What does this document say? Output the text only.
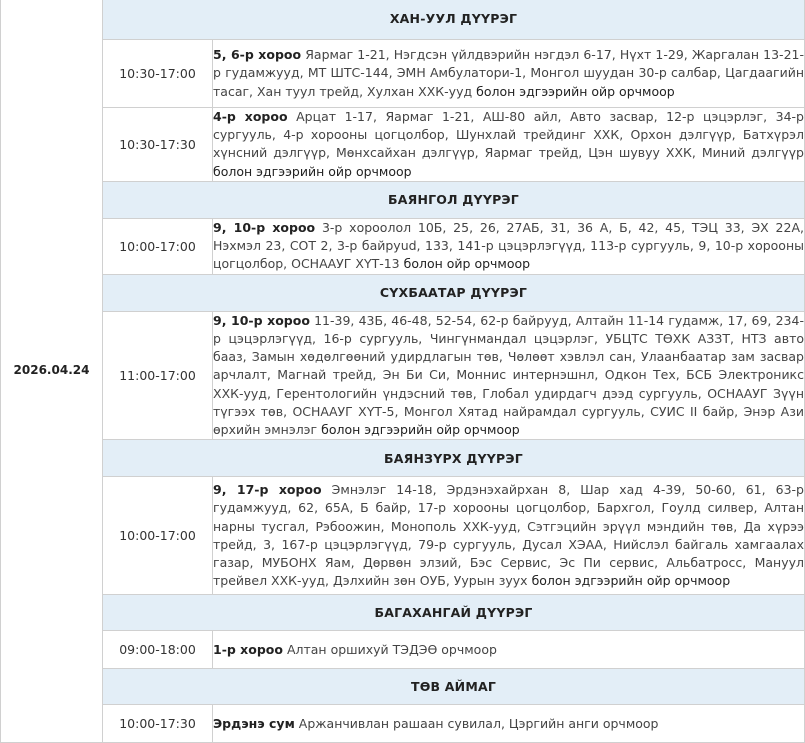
2026.04.24	ХАН-УУЛ ДҮҮРЭГ	
	10:30-17:00	5, 6-р хороо Яармаг 1-21, Нэгдсэн үйлдвэрийн нэгдэл 6-17, Нүхт 1-29, Жаргалан 13-21-р гудамжууд, МТ ШТС-144, ЭМН Амбулатори-1, Монгол шуудан 30-р салбар, Цагдаагийн тасаг, Хан туул трейд, Хулхан ХХК-ууд болон эдгээрийн ойр орчмоор
	10:30-17:30	4-р хороо Арцат 1-17, Яармаг 1-21, АШ-80 айл, Авто засвар, 12-р цэцэрлэг, 34-р сургууль, 4-р хорооны цогцолбор, Шунхлай трейдинг ХХК, Орхон дэлгүүр, Батхүрэл хүнсний дэлгүүр, Мөнхсайхан дэлгүүр, Яармаг трейд, Цэн шувуу ХХК, Миний дэлгүүр болон эдгээрийн ойр орчмоор
	БАЯНГОЛ ДҮҮРЭГ	
	10:00-17:00	9, 10-р хороо 3-р хороолол 10Б, 25, 26, 27АБ, 31, 36 А, Б, 42, 45, ТЭЦ 33, ЭХ 22А, Нэхмэл 23, СОТ 2, 3-р байруud, 133, 141-р цэцэрлэгүүд, 113-р сургууль, 9, 10-р хорооны цогцолбор, ОСНААУГ ХҮТ-13 болон ойр орчмоор
	СҮХБААТАР ДҮҮРЭГ	
	11:00-17:00	9, 10-р хороо 11-39, 43Б, 46-48, 52-54, 62-р байрууд, Алтайн 11-14 гудамж, 17, 69, 234-р цэцэрлэгүүд, 16-р сургууль, Чингүнмандал цэцэрлэг, УБЦТС ТӨХК АЗЗТ, НТЗ авто бааз, Замын хөдөлгөөний удирдлагын төв, Чөлөөт хэвлэл сан, Улаанбаатар зам засвар арчлалт, Магнай трейд, Эн Би Си, Моннис интернэшнл, Одкон Тех, БСБ Электроникс ХХК-ууд, Герентологийн үндэсний төв, Глобал удирдагч дээд сургууль, ОСНААУГ Зүүн түгээх төв, ОСНААУГ ХҮТ-5, Монгол Хятад найрамдал сургууль, СУИС II байр, Энэр Ази өрхийн эмнэлэг болон эдгээрийн ойр орчмоор
	БАЯНЗҮРХ ДҮҮРЭГ	
	10:00-17:00	9, 17-р хороо Эмнэлэг 14-18, Эрдэнэхайрхан 8, Шар хад 4-39, 50-60, 61, 63-р гудамжууд, 62, 65А, Б байр, 17-р хорооны цогцолбор, Бархгол, Гоулд силвер, Алтан нарны тусгал, Рэбоожин, Монополь ХХК-ууд, Сэтгэцийн эрүүл мэндийн төв, Да хүрээ трейд, 3, 167-р цэцэрлэгүүд, 79-р сургууль, Дусал ХЭАА, Нийслэл байгаль хамгаалах газар, МУБОНХ Яам, Дөрвөн элзий, Бэс Сервис, Эс Пи сервис, Альбатросс, Мануул трейвел ХХК-ууд, Дэлхийн зөн ОУБ, Уурын зуух болон эдгээрийн ойр орчмоор
	БАГАХАНГАЙ ДҮҮРЭГ	
	09:00-18:00	1-р хороо Алтан оршихуй ТЭДЭӨ орчмоор
	ТӨВ АЙМАГ	
	10:00-17:30	Эрдэнэ сум Аржанчивлан рашаан сувилал, Цэргийн анги орчмоор
